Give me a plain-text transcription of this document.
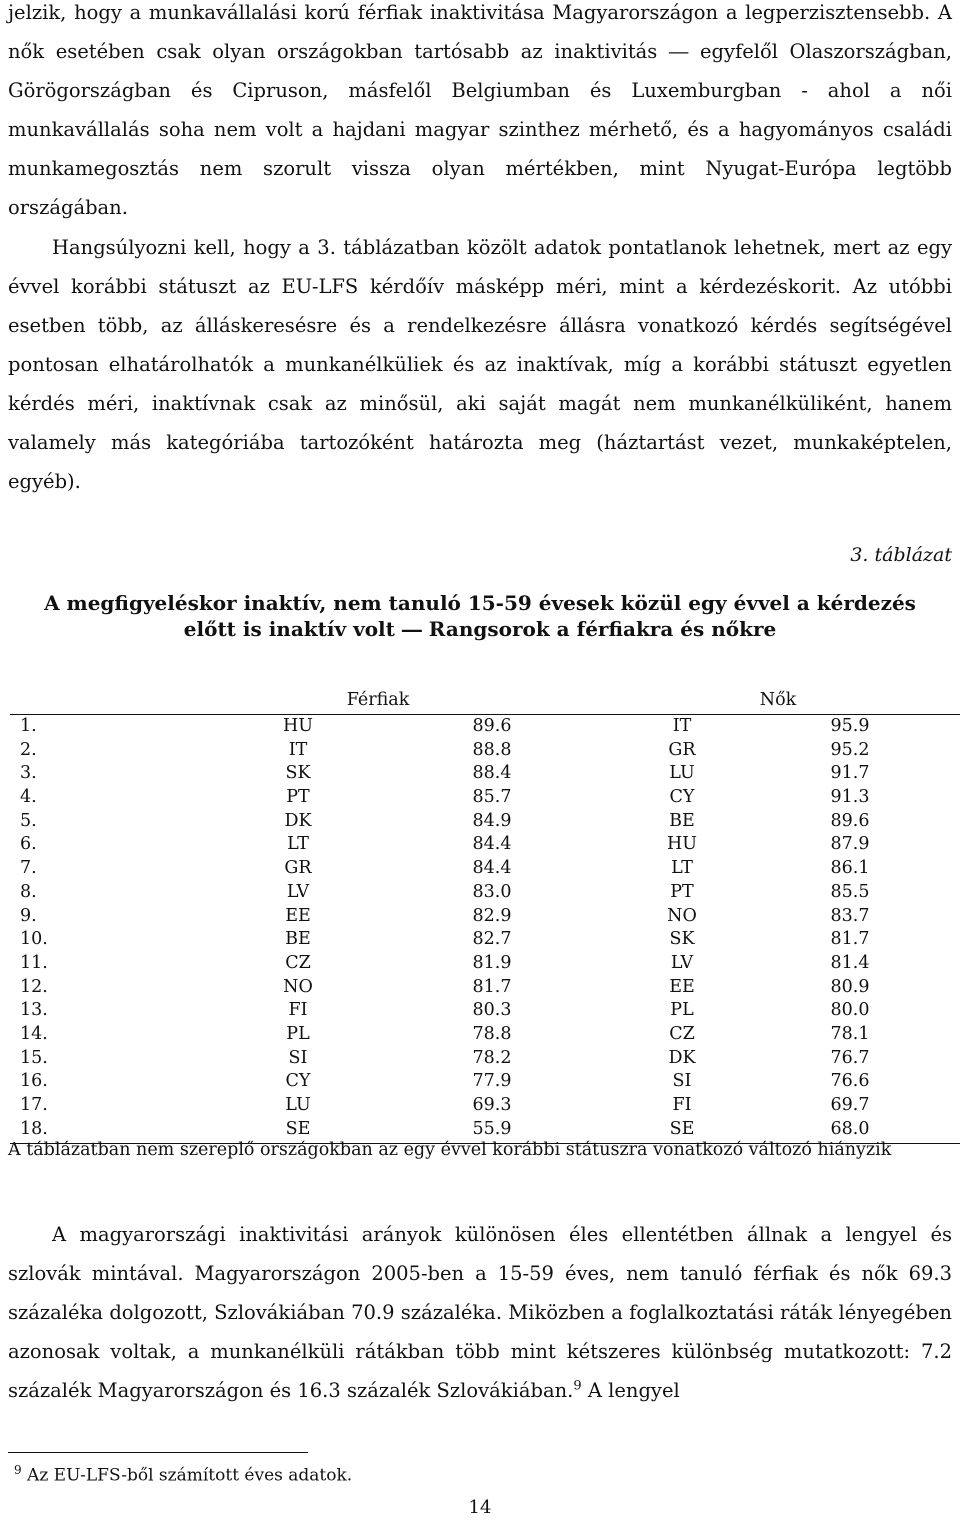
jelzik, hogy a munkavállalási korú férfiak inaktivitása Magyarországon a legperzisztensebb. A nők esetében csak olyan országokban tartósabb az inaktivitás ― egyfelől Olaszországban, Görögországban és Cipruson, másfelől Belgiumban és Luxemburgban - ahol a női munkavállalás soha nem volt a hajdani magyar szinthez mérhető, és a hagyományos családi munkamegosztás nem szorult vissza olyan mértékben, mint Nyugat-Európa legtöbb országában.

Hangsúlyozni kell, hogy a 3. táblázatban közölt adatok pontatlanok lehetnek, mert az egy évvel korábbi státuszt az EU-LFS kérdőív másképp méri, mint a kérdezéskorit. Az utóbbi esetben több, az álláskeresésre és a rendelkezésre állásra vonatkozó kérdés segítségével pontosan elhatárolhatók a munkanélküliek és az inaktívak, míg a korábbi státuszt egyetlen kérdés méri, inaktívnak csak az minősül, aki saját magát nem munkanélküliként, hanem valamely más kategóriába tartozóként határozta meg (háztartást vezet, munkaképtelen, egyéb).

3. táblázat
A megfigyeléskor inaktív, nem tanuló 15-59 évesek közül egy évvel a kérdezés
előtt is inaktív volt ― Rangsorok a férfiakra és nőkre
Férfiak	Nők
1.	HU	89.6	IT	95.9
2.	IT	88.8	GR	95.2
3.	SK	88.4	LU	91.7
4.	PT	85.7	CY	91.3
5.	DK	84.9	BE	89.6
6.	LT	84.4	HU	87.9
7.	GR	84.4	LT	86.1
8.	LV	83.0	PT	85.5
9.	EE	82.9	NO	83.7
10.	BE	82.7	SK	81.7
11.	CZ	81.9	LV	81.4
12.	NO	81.7	EE	80.9
13.	FI	80.3	PL	80.0
14.	PL	78.8	CZ	78.1
15.	SI	78.2	DK	76.7
16.	CY	77.9	SI	76.6
17.	LU	69.3	FI	69.7
18.	SE	55.9	SE	68.0
A táblázatban nem szereplő országokban az egy évvel korábbi státuszra vonatkozó változó hiányzik

A magyarországi inaktivitási arányok különösen éles ellentétben állnak a lengyel és szlovák mintával. Magyarországon 2005-ben a 15-59 éves, nem tanuló férfiak és nők 69.3 százaléka dolgozott, Szlovákiában 70.9 százaléka. Miközben a foglalkoztatási ráták lényegében azonosak voltak, a munkanélküli rátákban több mint kétszeres különbség mutatkozott: 7.2 százalék Magyarországon és 16.3 százalék Szlovákiában.$^9$ A lengyel

$^9$ Az EU-LFS-ből számított éves adatok.
14
